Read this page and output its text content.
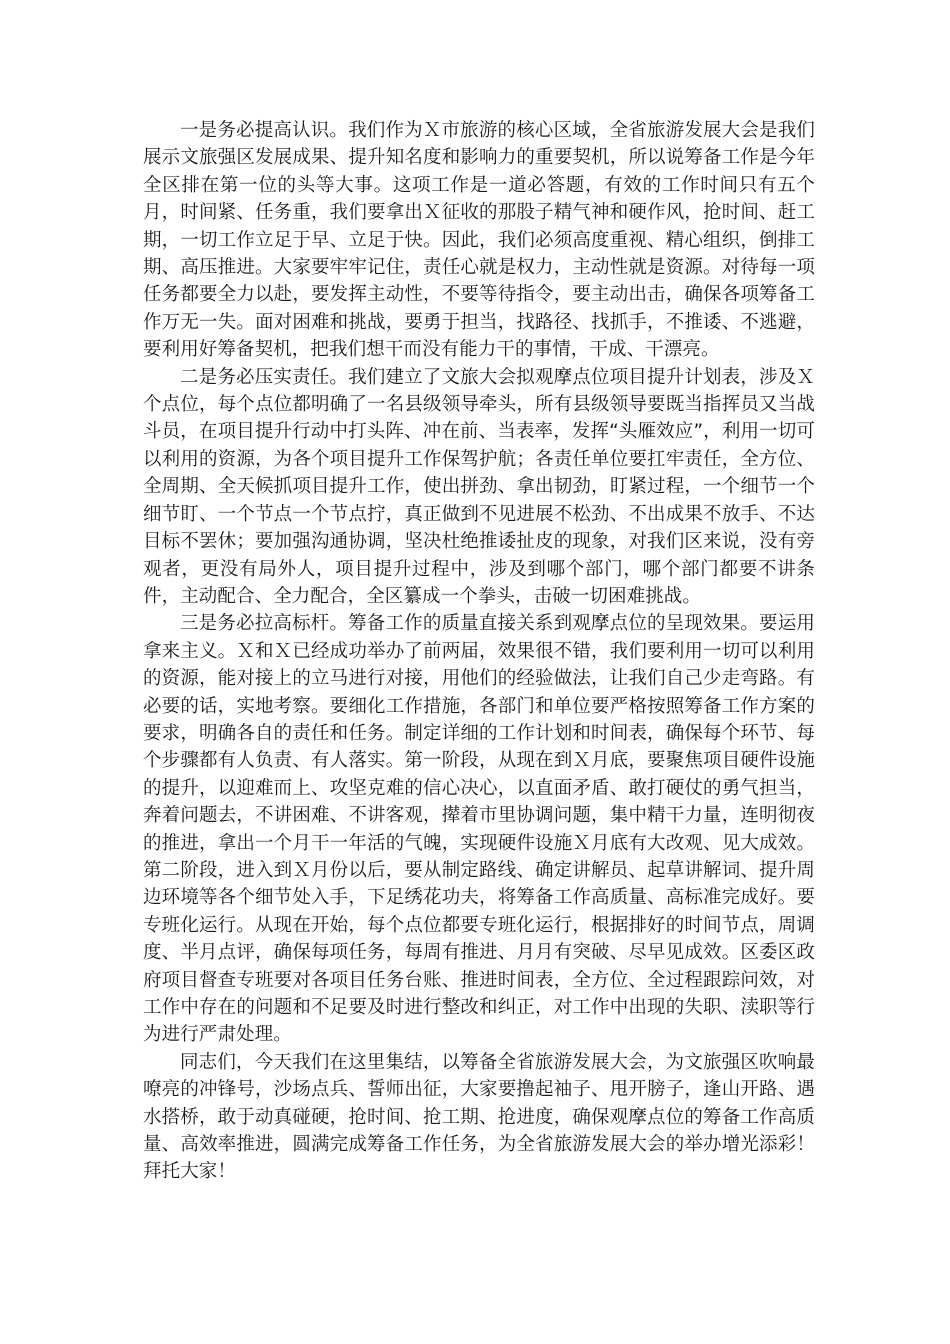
一是务必提高认识。我们作为Ｘ市旅游的核心区域，全省旅游发展大会是我们展示文旅强区发展成果、提升知名度和影响力的重要契机，所以说筹备工作是今年全区排在第一位的头等大事。这项工作是一道必答题，有效的工作时间只有五个月，时间紧、任务重，我们要拿出Ｘ征收的那股子精气神和硬作风，抢时间、赶工期，一切工作立足于早、立足于快。因此，我们必须高度重视、精心组织，倒排工期、高压推进。大家要牢牢记住，责任心就是权力，主动性就是资源。对待每一项任务都要全力以赴，要发挥主动性，不要等待指令，要主动出击，确保各项筹备工作万无一失。面对困难和挑战，要勇于担当，找路径、找抓手，不推诿、不逃避，要利用好筹备契机，把我们想干而没有能力干的事情，干成、干漂亮。

二是务必压实责任。我们建立了文旅大会拟观摩点位项目提升计划表，涉及Ｘ个点位，每个点位都明确了一名县级领导牵头，所有县级领导要既当指挥员又当战斗员，在项目提升行动中打头阵、冲在前、当表率，发挥“头雁效应”，利用一切可以利用的资源，为各个项目提升工作保驾护航；各责任单位要扛牢责任，全方位、全周期、全天候抓项目提升工作，使出拼劲、拿出韧劲，盯紧过程，一个细节一个细节盯、一个节点一个节点拧，真正做到不见进展不松劲、不出成果不放手、不达目标不罢休；要加强沟通协调，坚决杜绝推诿扯皮的现象，对我们区来说，没有旁观者，更没有局外人，项目提升过程中，涉及到哪个部门，哪个部门都要不讲条件，主动配合、全力配合，全区纂成一个拳头，击破一切困难挑战。

三是务必拉高标杆。筹备工作的质量直接关系到观摩点位的呈现效果。要运用拿来主义。Ｘ和Ｘ已经成功举办了前两届，效果很不错，我们要利用一切可以利用的资源，能对接上的立马进行对接，用他们的经验做法，让我们自己少走弯路。有必要的话，实地考察。要细化工作措施，各部门和单位要严格按照筹备工作方案的要求，明确各自的责任和任务。制定详细的工作计划和时间表，确保每个环节、每个步骤都有人负责、有人落实。第一阶段，从现在到Ｘ月底，要聚焦项目硬件设施的提升，以迎难而上、攻坚克难的信心决心，以直面矛盾、敢打硬仗的勇气担当，奔着问题去，不讲困难、不讲客观，撵着市里协调问题，集中精干力量，连明彻夜的推进，拿出一个月干一年活的气魄，实现硬件设施Ｘ月底有大改观、见大成效。第二阶段，进入到Ｘ月份以后，要从制定路线、确定讲解员、起草讲解词、提升周边环境等各个细节处入手，下足绣花功夫，将筹备工作高质量、高标准完成好。要专班化运行。从现在开始，每个点位都要专班化运行，根据排好的时间节点，周调度、半月点评，确保每项任务，每周有推进、月月有突破、尽早见成效。区委区政府项目督查专班要对各项目任务台账、推进时间表，全方位、全过程跟踪问效，对工作中存在的问题和不足要及时进行整改和纠正，对工作中出现的失职、渎职等行为进行严肃处理。

同志们，今天我们在这里集结，以筹备全省旅游发展大会，为文旅强区吹响最嘹亮的冲锋号，沙场点兵、誓师出征，大家要撸起袖子、甩开膀子，逢山开路、遇水搭桥，敢于动真碰硬，抢时间、抢工期、抢进度，确保观摩点位的筹备工作高质量、高效率推进，圆满完成筹备工作任务，为全省旅游发展大会的举办增光添彩！拜托大家！
